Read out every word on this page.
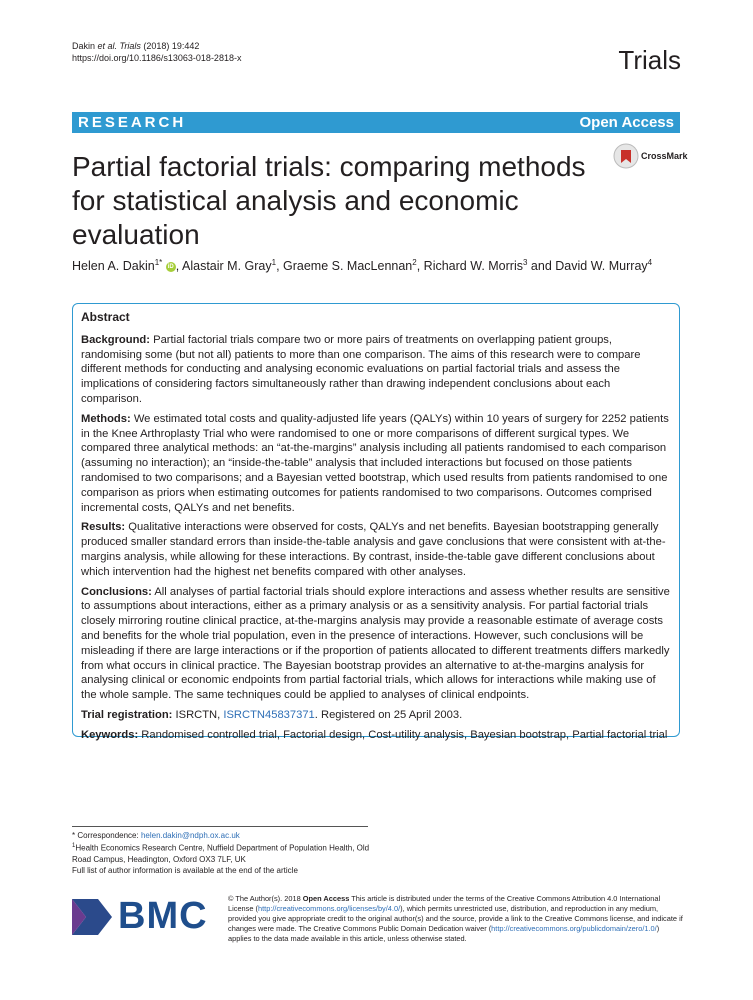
Dakin et al. Trials (2018) 19:442
https://doi.org/10.1186/s13063-018-2818-x	Trials
RESEARCH	Open Access
Partial factorial trials: comparing methods for statistical analysis and economic evaluation
CrossMark
Helen A. Dakin$^{1*}$ iD , Alastair M. Gray$^1$, Graeme S. MacLennan$^2$, Richard W. Morris$^3$ and David W. Murray$^4$
Abstract

Background: Partial factorial trials compare two or more pairs of treatments on overlapping patient groups, randomising some (but not all) patients to more than one comparison. The aims of this research were to compare different methods for conducting and analysing economic evaluations on partial factorial trials and assess the implications of considering factors simultaneously rather than drawing independent conclusions about each comparison.

Methods: We estimated total costs and quality-adjusted life years (QALYs) within 10 years of surgery for 2252 patients in the Knee Arthroplasty Trial who were randomised to one or more comparisons of different surgical types. We compared three analytical methods: an “at-the-margins” analysis including all patients randomised to each comparison (assuming no interaction); an “inside-the-table” analysis that included interactions but focused on those patients randomised to two comparisons; and a Bayesian vetted bootstrap, which used results from patients randomised to one comparison as priors when estimating outcomes for patients randomised to two comparisons. Outcomes comprised incremental costs, QALYs and net benefits.

Results: Qualitative interactions were observed for costs, QALYs and net benefits. Bayesian bootstrapping generally produced smaller standard errors than inside-the-table analysis and gave conclusions that were consistent with at-the-margins analysis, while allowing for these interactions. By contrast, inside-the-table gave different conclusions about which intervention had the highest net benefits compared with other analyses.

Conclusions: All analyses of partial factorial trials should explore interactions and assess whether results are sensitive to assumptions about interactions, either as a primary analysis or as a sensitivity analysis. For partial factorial trials closely mirroring routine clinical practice, at-the-margins analysis may provide a reasonable estimate of average costs and benefits for the whole trial population, even in the presence of interactions. However, such conclusions will be misleading if there are large interactions or if the proportion of patients allocated to different treatments differs markedly from what occurs in clinical practice. The Bayesian bootstrap provides an alternative to at-the-margins analysis for analysing clinical or economic endpoints from partial factorial trials, which allows for interactions while making use of the whole sample. The same techniques could be applied to analyses of clinical endpoints.

Trial registration: ISRCTN, ISRCTN45837371. Registered on 25 April 2003.

Keywords: Randomised controlled trial, Factorial design, Cost-utility analysis, Bayesian bootstrap, Partial factorial trial

* Correspondence: helen.dakin@ndph.ox.ac.uk
$^1$Health Economics Research Centre, Nuffield Department of Population Health, Old Road Campus, Headington, Oxford OX3 7LF, UK
Full list of author information is available at the end of the article
BMC	© The Author(s). 2018 Open Access This article is distributed under the terms of the Creative Commons Attribution 4.0 International License (http://creativecommons.org/licenses/by/4.0/), which permits unrestricted use, distribution, and reproduction in any medium, provided you give appropriate credit to the original author(s) and the source, provide a link to the Creative Commons license, and indicate if changes were made. The Creative Commons Public Domain Dedication waiver (http://creativecommons.org/publicdomain/zero/1.0/) applies to the data made available in this article, unless otherwise stated.
